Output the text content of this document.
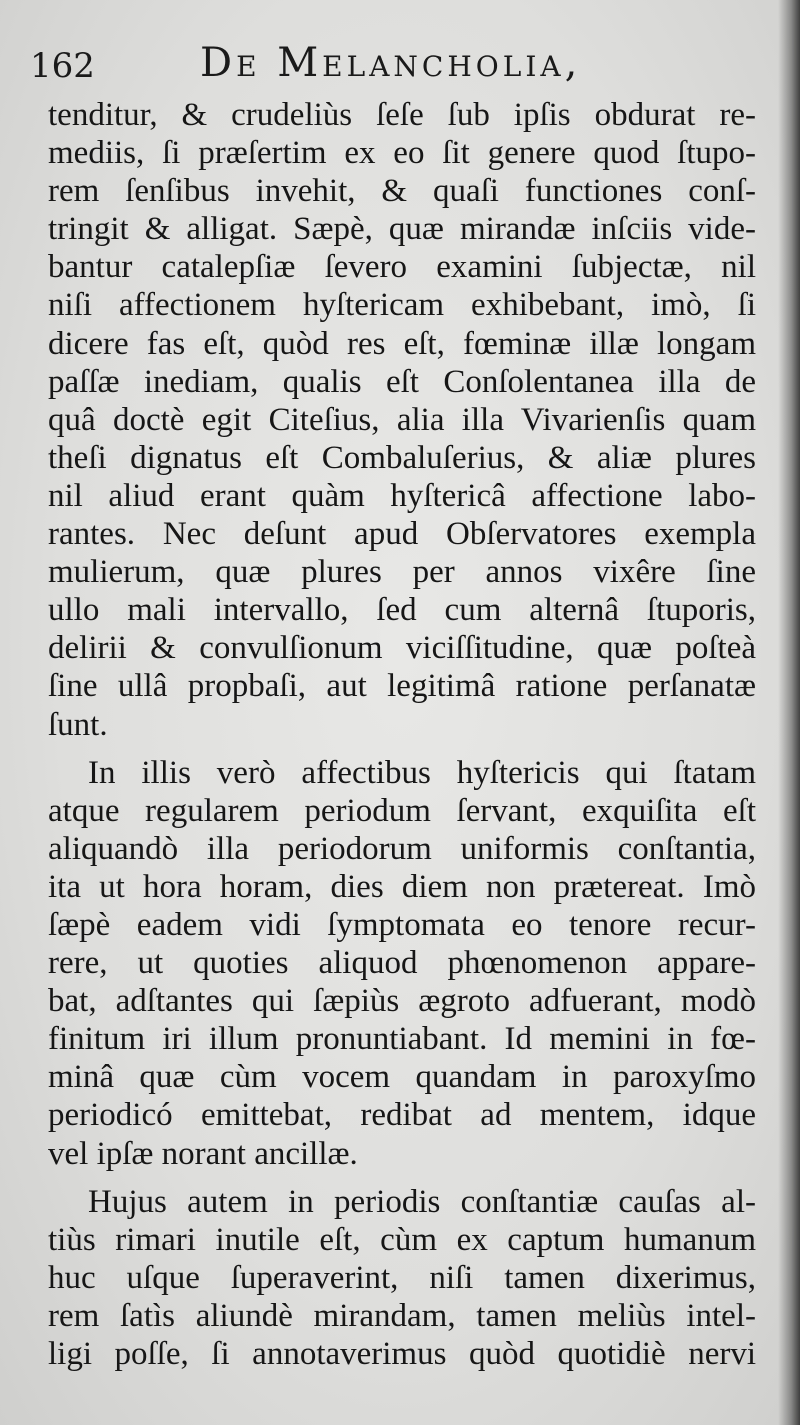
162	De Melancholia,
tenditur, & crudeliùs ſeſe ſub ipſis obdurat re-
mediis, ſi præſertim ex eo ſit genere quod ſtupo-
rem ſenſibus invehit, & quaſi functiones conſ-
tringit & alligat. Sæpè, quæ mirandæ inſciis vide-
bantur catalepſiæ ſevero examini ſubjectæ, nil
niſi affectionem hyſtericam exhibebant, imò, ſi
dicere fas eſt, quòd res eſt, fœminæ illæ longam
paſſæ inediam, qualis eſt Conſolentanea illa de
quâ doctè egit Citeſius, alia illa Vivarienſis quam
theſi dignatus eſt Combaluſerius, & aliæ plures
nil aliud erant quàm hyſtericâ affectione labo-
rantes. Nec deſunt apud Obſervatores exempla
mulierum, quæ plures per annos vixêre ſine
ullo mali intervallo, ſed cum alternâ ſtuporis,
delirii & convulſionum viciſſitudine, quæ poſteà
ſine ullâ propbaſi, aut legitimâ ratione perſanatæ
ſunt.
In illis verò affectibus hyſtericis qui ſtatam
atque regularem periodum ſervant, exquiſita eſt
aliquandò illa periodorum uniformis conſtantia,
ita ut hora horam, dies diem non prætereat. Imò
ſæpè eadem vidi ſymptomata eo tenore recur-
rere, ut quoties aliquod phœnomenon appare-
bat, adſtantes qui ſæpiùs ægroto adfuerant, modò
finitum iri illum pronuntiabant. Id memini in fœ-
minâ quæ cùm vocem quandam in paroxyſmo
periodicó emittebat, redibat ad mentem, idque
vel ipſæ norant ancillæ.
Hujus autem in periodis conſtantiæ cauſas al-
tiùs rimari inutile eſt, cùm ex captum humanum
huc uſque ſuperaverint, niſi tamen dixerimus,
rem ſatìs aliundè mirandam, tamen meliùs intel-
ligi poſſe, ſi annotaverimus quòd quotidiè nervi
